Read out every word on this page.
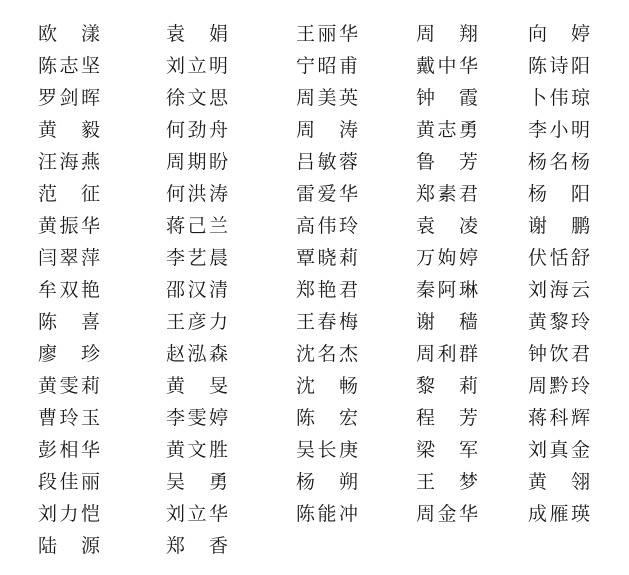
欧 漾	袁 娟	王丽华	周 翔	向 婷
陈志坚	刘立明	宁昭甫	戴中华	陈诗阳
罗剑晖	徐文思	周美英	钟 霞	卜伟琼
黄 毅	何劲舟	周 涛	黄志勇	李小明
汪海燕	周期盼	吕敏蓉	鲁 芳	杨名杨
范 征	何洪涛	雷爱华	郑素君	杨 阳
黄振华	蒋己兰	高伟玲	袁 凌	谢 鹏
闫翠萍	李艺晨	覃晓莉	万姁婷	伏恬舒
牟双艳	邵汉清	郑艳君	秦阿琳	刘海云
陈 喜	王彦力	王春梅	谢 穑	黄黎玲
廖 珍	赵泓森	沈名杰	周利群	钟饮君
黄雯莉	黄 旻	沈 畅	黎 莉	周黔玲
曹玲玉	李雯婷	陈 宏	程 芳	蒋科辉
彭相华	黄文胜	吴长庚	梁 军	刘真金
段佳丽	吴 勇	杨 朔	王 梦	黄 翎
刘力恺	刘立华	陈能冲	周金华	成雁瑛
陆 源	郑 香
